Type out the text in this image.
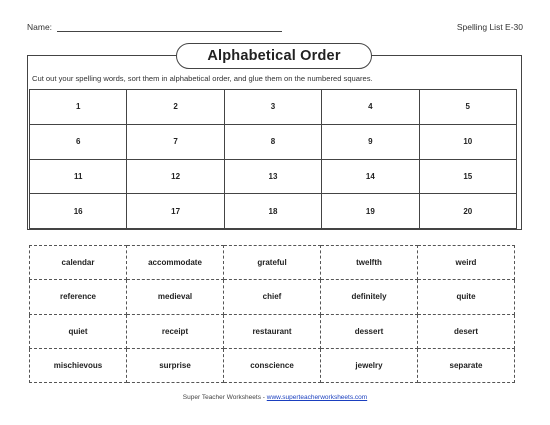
Name:	Spelling List E-30
Alphabetical Order
Cut out your spelling words, sort them in alphabetical order, and glue them on the numbered squares.
1	2	3	4	5
6	7	8	9	10
11	12	13	14	15
16	17	18	19	20
calendar	accommodate	grateful	twelfth	weird
reference	medieval	chief	definitely	quite
quiet	receipt	restaurant	dessert	desert
mischievous	surprise	conscience	jewelry	separate
Super Teacher Worksheets - www.superteacherworksheets.com
